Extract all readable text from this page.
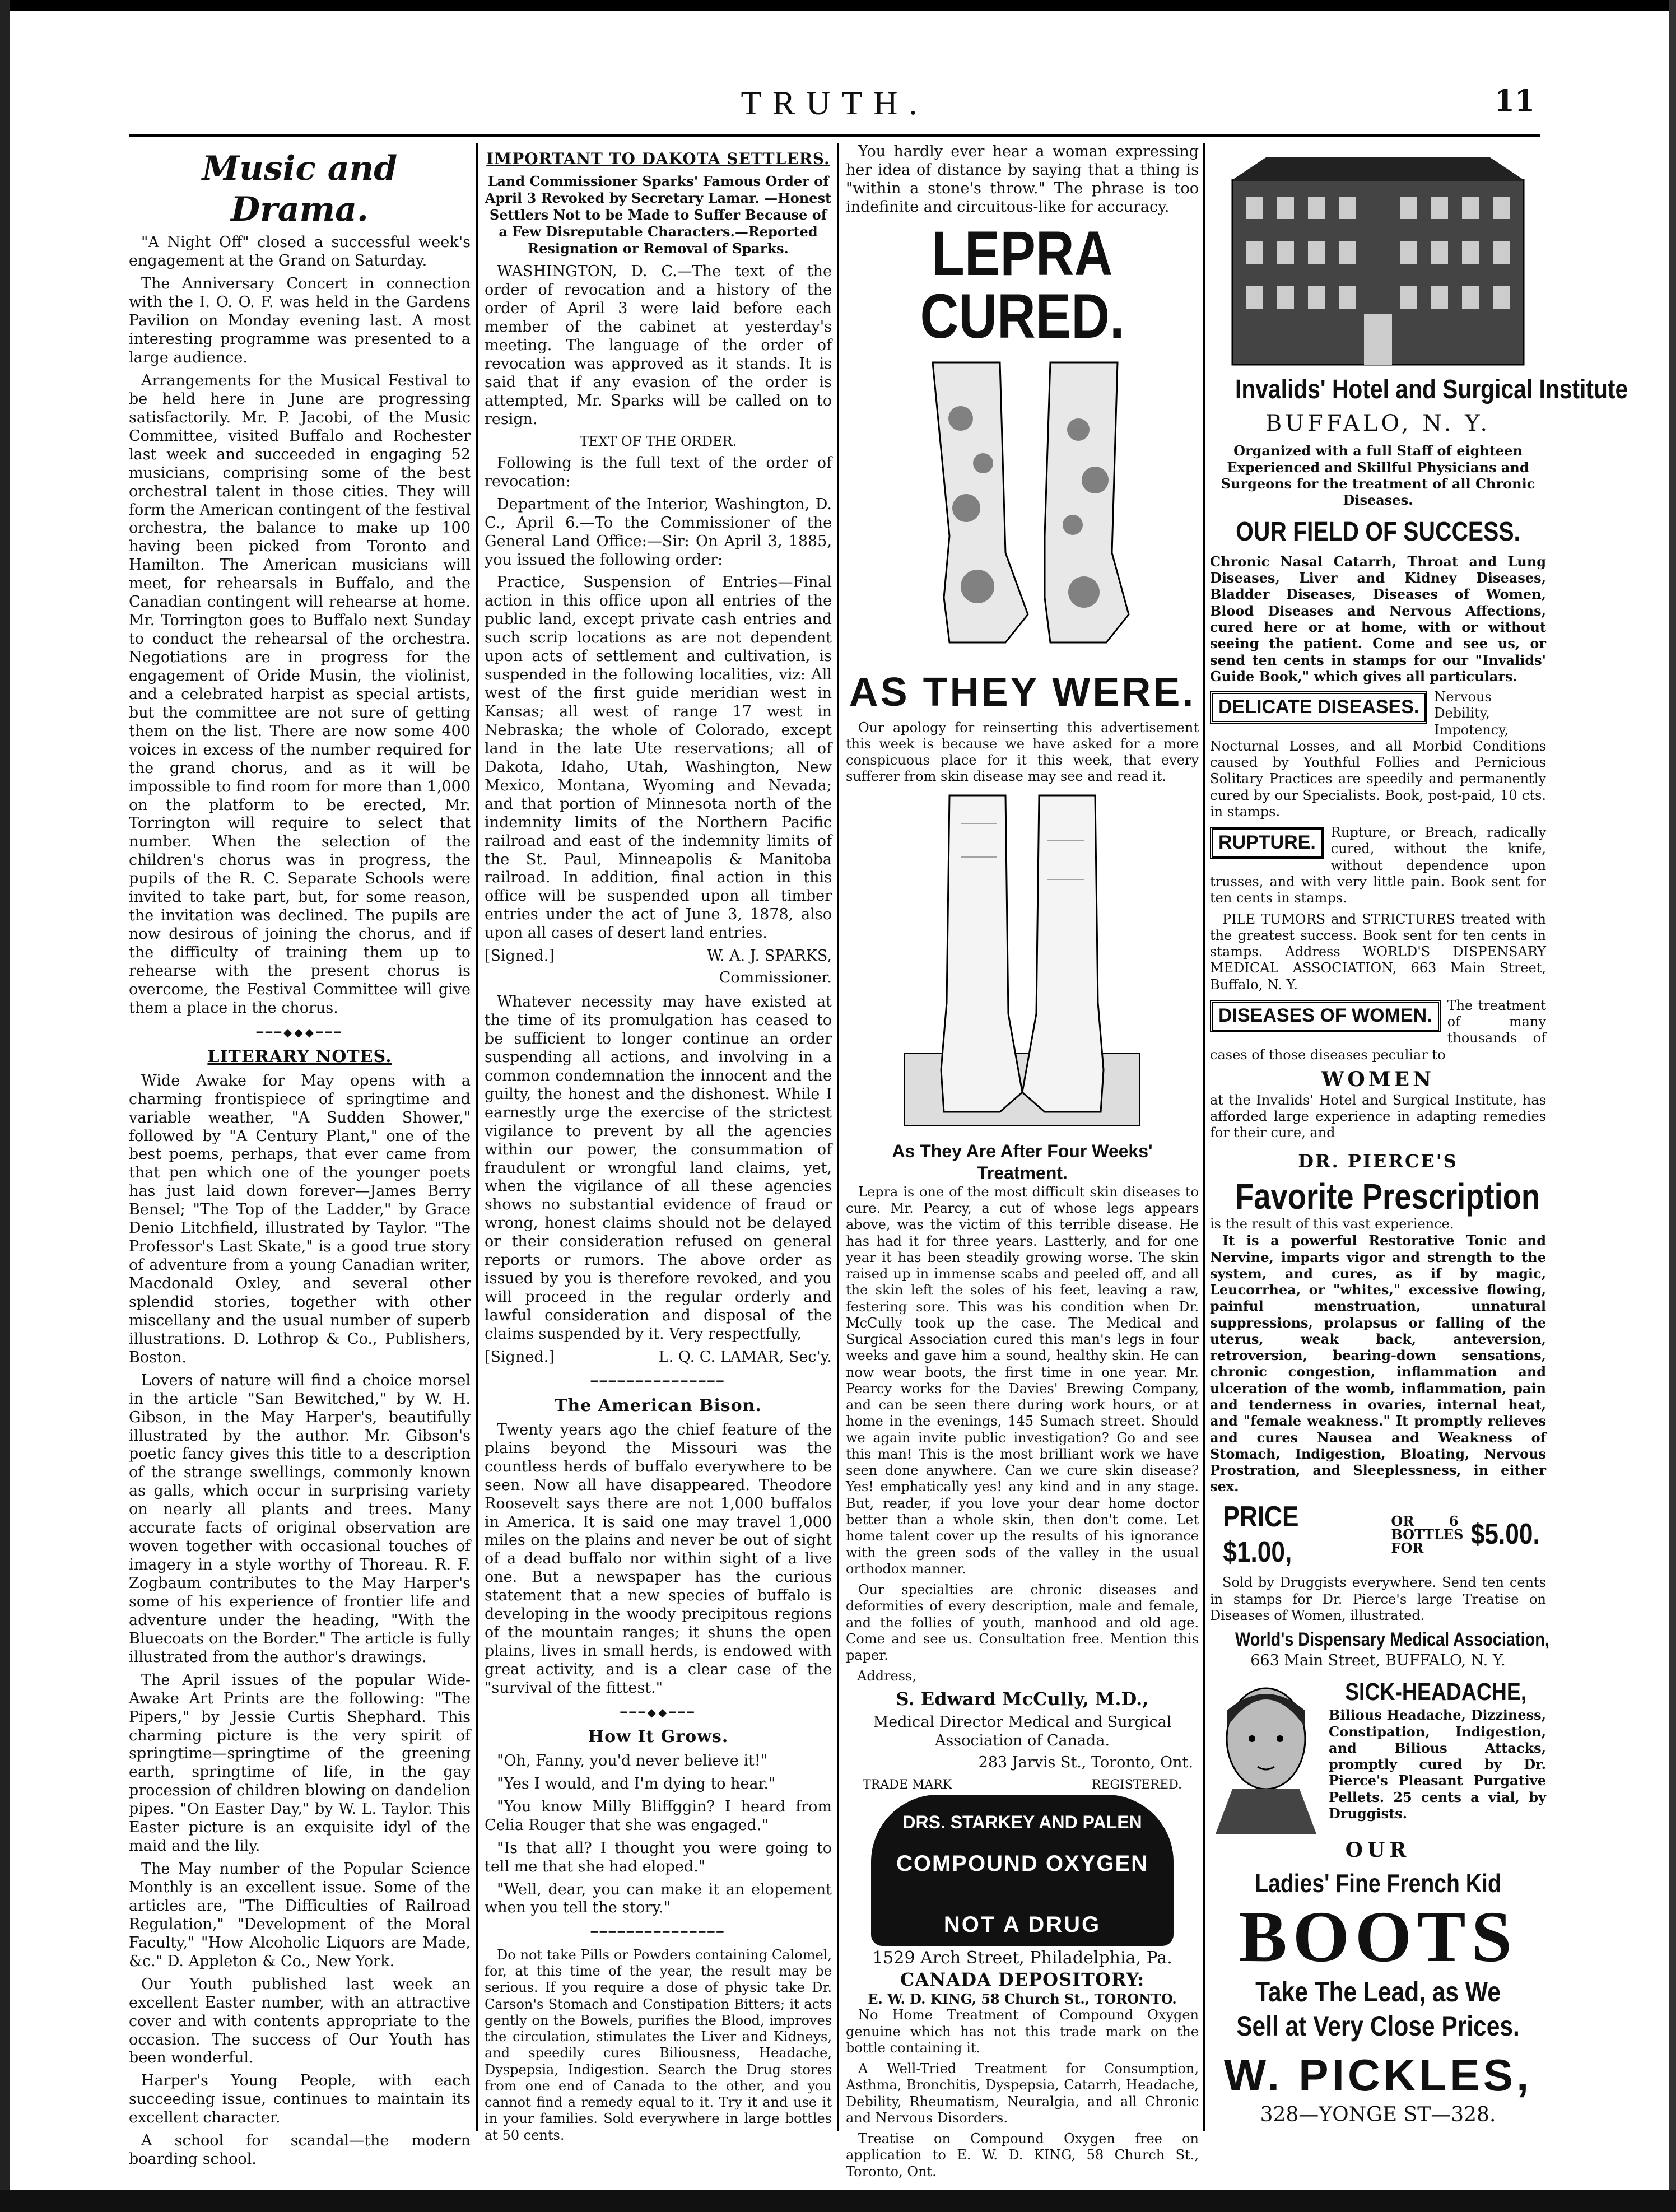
TRUTH.	11
Music and Drama.

"A Night Off" closed a successful week's engagement at the Grand on Saturday.

The Anniversary Concert in connection with the I. O. O. F. was held in the Gardens Pavilion on Monday evening last. A most interesting programme was presented to a large audience.

Arrangements for the Musical Festival to be held here in June are progressing satisfactorily. Mr. P. Jacobi, of the Music Committee, visited Buffalo and Rochester last week and succeeded in engaging 52 musicians, comprising some of the best orchestral talent in those cities. They will form the American contingent of the festival orchestra, the balance to make up 100 having been picked from Toronto and Hamilton. The American musicians will meet, for rehearsals in Buffalo, and the Canadian contingent will rehearse at home. Mr. Torrington goes to Buffalo next Sunday to conduct the rehearsal of the orchestra. Negotiations are in progress for the engagement of Oride Musin, the violinist, and a celebrated harpist as special artists, but the committee are not sure of getting them on the list. There are now some 400 voices in excess of the number required for the grand chorus, and as it will be impossible to find room for more than 1,000 on the platform to be erected, Mr. Torrington will require to select that number. When the selection of the children's chorus was in progress, the pupils of the R. C. Separate Schools were invited to take part, but, for some reason, the invitation was declined. The pupils are now desirous of joining the chorus, and if the difficulty of training them up to rehearse with the present chorus is overcome, the Festival Committee will give them a place in the chorus.

━━━◆◆◆━━━
LITERARY NOTES.

Wide Awake for May opens with a charming frontispiece of springtime and variable weather, "A Sudden Shower," followed by "A Century Plant," one of the best poems, perhaps, that ever came from that pen which one of the younger poets has just laid down forever—James Berry Bensel; "The Top of the Ladder," by Grace Denio Litchfield, illustrated by Taylor. "The Professor's Last Skate," is a good true story of adventure from a young Canadian writer, Macdonald Oxley, and several other splendid stories, together with other miscellany and the usual number of superb illustrations. D. Lothrop & Co., Publishers, Boston.

Lovers of nature will find a choice morsel in the article "San Bewitched," by W. H. Gibson, in the May Harper's, beautifully illustrated by the author. Mr. Gibson's poetic fancy gives this title to a description of the strange swellings, commonly known as galls, which occur in surprising variety on nearly all plants and trees. Many accurate facts of original observation are woven together with occasional touches of imagery in a style worthy of Thoreau. R. F. Zogbaum contributes to the May Harper's some of his experience of frontier life and adventure under the heading, "With the Bluecoats on the Border." The article is fully illustrated from the author's drawings.

The April issues of the popular Wide-Awake Art Prints are the following: "The Pipers," by Jessie Curtis Shephard. This charming picture is the very spirit of springtime—springtime of the greening earth, springtime of life, in the gay procession of children blowing on dandelion pipes. "On Easter Day," by W. L. Taylor. This Easter picture is an exquisite idyl of the maid and the lily.

The May number of the Popular Science Monthly is an excellent issue. Some of the articles are, "The Difficulties of Railroad Regulation," "Development of the Moral Faculty," "How Alcoholic Liquors are Made, &c." D. Appleton & Co., New York.

Our Youth published last week an excellent Easter number, with an attractive cover and with contents appropriate to the occasion. The success of Our Youth has been wonderful.

Harper's Young People, with each succeeding issue, continues to maintain its excellent character.

A school for scandal—the modern boarding school.

IMPORTANT TO DAKOTA SETTLERS.
Land Commissioner Sparks' Famous Order of April 3 Revoked by Secretary Lamar. —Honest Settlers Not to be Made to Suffer Because of a Few Disreputable Characters.—Reported Resignation or Removal of Sparks.

WASHINGTON, D. C.—The text of the order of revocation and a history of the order of April 3 were laid before each member of the cabinet at yesterday's meeting. The language of the order of revocation was approved as it stands. It is said that if any evasion of the order is attempted, Mr. Sparks will be called on to resign.

TEXT OF THE ORDER.

Following is the full text of the order of revocation:

Department of the Interior, Washington, D. C., April 6.—To the Commissioner of the General Land Office:—Sir: On April 3, 1885, you issued the following order:

Practice, Suspension of Entries—Final action in this office upon all entries of the public land, except private cash entries and such scrip locations as are not dependent upon acts of settlement and cultivation, is suspended in the following localities, viz: All west of the first guide meridian west in Kansas; all west of range 17 west in Nebraska; the whole of Colorado, except land in the late Ute reservations; all of Dakota, Idaho, Utah, Washington, New Mexico, Montana, Wyoming and Nevada; and that portion of Minnesota north of the indemnity limits of the Northern Pacific railroad and east of the indemnity limits of the St. Paul, Minneapolis & Manitoba railroad. In addition, final action in this office will be suspended upon all timber entries under the act of June 3, 1878, also upon all cases of desert land entries.

[Signed.]	W. A. J. SPARKS,
Commissioner.

Whatever necessity may have existed at the time of its promulgation has ceased to be sufficient to longer continue an order suspending all actions, and involving in a common condemnation the innocent and the guilty, the honest and the dishonest. While I earnestly urge the exercise of the strictest vigilance to prevent by all the agencies within our power, the consummation of fraudulent or wrongful land claims, yet, when the vigilance of all these agencies shows no substantial evidence of fraud or wrong, honest claims should not be delayed or their consideration refused on general reports or rumors. The above order as issued by you is therefore revoked, and you will proceed in the regular orderly and lawful consideration and disposal of the claims suspended by it. Very respectfully,

[Signed.]	L. Q. C. LAMAR, Sec'y.
━━━━━━━━━━━━━━━
The American Bison.

Twenty years ago the chief feature of the plains beyond the Missouri was the countless herds of buffalo everywhere to be seen. Now all have disappeared. Theodore Roosevelt says there are not 1,000 buffalos in America. It is said one may travel 1,000 miles on the plains and never be out of sight of a dead buffalo nor within sight of a live one. But a newspaper has the curious statement that a new species of buffalo is developing in the woody precipitous regions of the mountain ranges; it shuns the open plains, lives in small herds, is endowed with great activity, and is a clear case of the "survival of the fittest."

━━━◆◆━━━
How It Grows.

"Oh, Fanny, you'd never believe it!"

"Yes I would, and I'm dying to hear."

"You know Milly Bliffggin? I heard from Celia Rouger that she was engaged."

"Is that all? I thought you were going to tell me that she had eloped."

"Well, dear, you can make it an elopement when you tell the story."

━━━━━━━━━━━━━━━

Do not take Pills or Powders containing Calomel, for, at this time of the year, the result may be serious. If you require a dose of physic take Dr. Carson's Stomach and Constipation Bitters; it acts gently on the Bowels, purifies the Blood, improves the circulation, stimulates the Liver and Kidneys, and speedily cures Biliousness, Headache, Dyspepsia, Indigestion. Search the Drug stores from one end of Canada to the other, and you cannot find a remedy equal to it. Try it and use it in your families. Sold everywhere in large bottles at 50 cents.

You hardly ever hear a woman expressing her idea of distance by saying that a thing is "within a stone's throw." The phrase is too indefinite and circuitous-like for accuracy.

LEPRA CURED.
AS THEY WERE.

Our apology for reinserting this advertisement this week is because we have asked for a more conspicuous place for it this week, that every sufferer from skin disease may see and read it.

As They Are After Four Weeks' Treatment.

Lepra is one of the most difficult skin diseases to cure. Mr. Pearcy, a cut of whose legs appears above, was the victim of this terrible disease. He has had it for three years. Lastterly, and for one year it has been steadily growing worse. The skin raised up in immense scabs and peeled off, and all the skin left the soles of his feet, leaving a raw, festering sore. This was his condition when Dr. McCully took up the case. The Medical and Surgical Association cured this man's legs in four weeks and gave him a sound, healthy skin. He can now wear boots, the first time in one year. Mr. Pearcy works for the Davies' Brewing Company, and can be seen there during work hours, or at home in the evenings, 145 Sumach street. Should we again invite public investigation? Go and see this man! This is the most brilliant work we have seen done anywhere. Can we cure skin disease? Yes! emphatically yes! any kind and in any stage. But, reader, if you love your dear home doctor better than a whole skin, then don't come. Let home talent cover up the results of his ignorance with the green sods of the valley in the usual orthodox manner.

Our specialties are chronic diseases and deformities of every description, male and female, and the follies of youth, manhood and old age. Come and see us. Consultation free. Mention this paper.

Address,
S. Edward McCully, M.D.,
Medical Director Medical and Surgical Association of Canada.
283 Jarvis St., Toronto, Ont.
TRADE MARK	REGISTERED.
DRS. STARKEY AND PALEN
COMPOUND OXYGEN
NOT A DRUG
1529 Arch Street, Philadelphia, Pa.
CANADA DEPOSITORY:
E. W. D. KING, 58 Church St., TORONTO.

No Home Treatment of Compound Oxygen genuine which has not this trade mark on the bottle containing it.

A Well-Tried Treatment for Consumption, Asthma, Bronchitis, Dyspepsia, Catarrh, Headache, Debility, Rheumatism, Neuralgia, and all Chronic and Nervous Disorders.

Treatise on Compound Oxygen free on application to E. W. D. KING, 58 Church St., Toronto, Ont.

Invalids' Hotel and Surgical Institute
BUFFALO, N. Y.
Organized with a full Staff of eighteen Experienced and Skillful Physicians and Surgeons for the treatment of all Chronic Diseases.
OUR FIELD OF SUCCESS.

Chronic Nasal Catarrh, Throat and Lung Diseases, Liver and Kidney Diseases, Bladder Diseases, Diseases of Women, Blood Diseases and Nervous Affections, cured here or at home, with or without seeing the patient. Come and see us, or send ten cents in stamps for our "Invalids' Guide Book," which gives all particulars.

DELICATE DISEASES.	Nervous Debility, Impotency, Nocturnal Losses, and all Morbid Conditions caused by Youthful Follies and Pernicious Solitary Practices are speedily and permanently cured by our Specialists. Book, post-paid, 10 cts. in stamps.

RUPTURE.	Rupture, or Breach, radically cured, without the knife, without dependence upon trusses, and with very little pain. Book sent for ten cents in stamps.

PILE TUMORS and STRICTURES treated with the greatest success. Book sent for ten cents in stamps. Address WORLD'S DISPENSARY MEDICAL ASSOCIATION, 663 Main Street, Buffalo, N. Y.

DISEASES OF WOMEN.	The treatment of many thousands of cases of those diseases peculiar to

WOMEN

at the Invalids' Hotel and Surgical Institute, has afforded large experience in adapting remedies for their cure, and

DR. PIERCE'S
Favorite Prescription
is the result of this vast experience.

It is a powerful Restorative Tonic and Nervine, imparts vigor and strength to the system, and cures, as if by magic, Leucorrhea, or "whites," excessive flowing, painful menstruation, unnatural suppressions, prolapsus or falling of the uterus, weak back, anteversion, retroversion, bearing-down sensations, chronic congestion, inflammation and ulceration of the womb, inflammation, pain and tenderness in ovaries, internal heat, and "female weakness." It promptly relieves and cures Nausea and Weakness of Stomach, Indigestion, Bloating, Nervous Prostration, and Sleeplessness, in either sex.

PRICE $1.00,
OR 6 BOTTLES FOR	$5.00.

Sold by Druggists everywhere. Send ten cents in stamps for Dr. Pierce's large Treatise on Diseases of Women, illustrated.

World's Dispensary Medical Association,
663 Main Street, BUFFALO, N. Y.
SICK-HEADACHE,

Bilious Headache, Dizziness, Constipation, Indigestion, and Bilious Attacks, promptly cured by Dr. Pierce's Pleasant Purgative Pellets. 25 cents a vial, by Druggists.

OUR
Ladies' Fine French Kid
BOOTS
Take The Lead, as We
Sell at Very Close Prices.
W. PICKLES,
328—YONGE ST—328.
